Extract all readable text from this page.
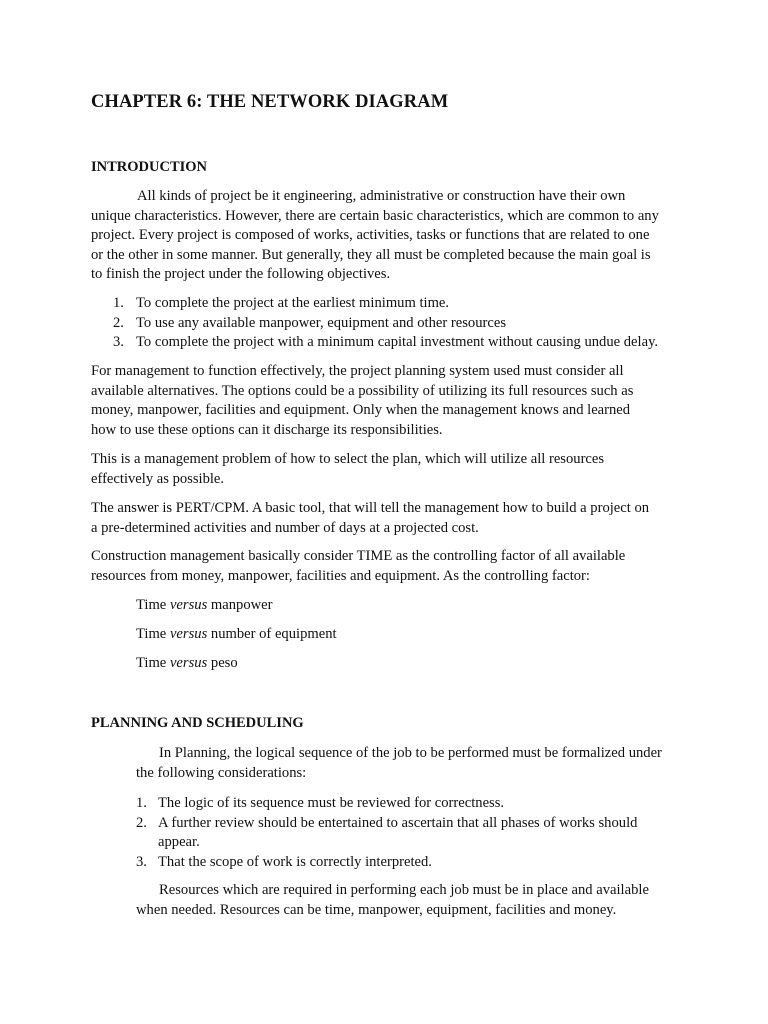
CHAPTER 6: THE NETWORK DIAGRAM
INTRODUCTION
All kinds of project be it engineering, administrative or construction have their own
unique characteristics. However, there are certain basic characteristics, which are common to any
project. Every project is composed of works, activities, tasks or functions that are related to one
or the other in some manner. But generally, they all must be completed because the main goal is
to finish the project under the following objectives.
1. To complete the project at the earliest minimum time.
2. To use any available manpower, equipment and other resources
3. To complete the project with a minimum capital investment without causing undue delay.
For management to function effectively, the project planning system used must consider all
available alternatives. The options could be a possibility of utilizing its full resources such as
money, manpower, facilities and equipment. Only when the management knows and learned
how to use these options can it discharge its responsibilities.
This is a management problem of how to select the plan, which will utilize all resources
effectively as possible.
The answer is PERT/CPM. A basic tool, that will tell the management how to build a project on
a pre-determined activities and number of days at a projected cost.
Construction management basically consider TIME as the controlling factor of all available
resources from money, manpower, facilities and equipment. As the controlling factor:
Time versus manpower
Time versus number of equipment
Time versus peso
PLANNING AND SCHEDULING
In Planning, the logical sequence of the job to be performed must be formalized under
the following considerations:
1. The logic of its sequence must be reviewed for correctness.
2. A further review should be entertained to ascertain that all phases of works should
appear.
3. That the scope of work is correctly interpreted.
Resources which are required in performing each job must be in place and available
when needed. Resources can be time, manpower, equipment, facilities and money.
